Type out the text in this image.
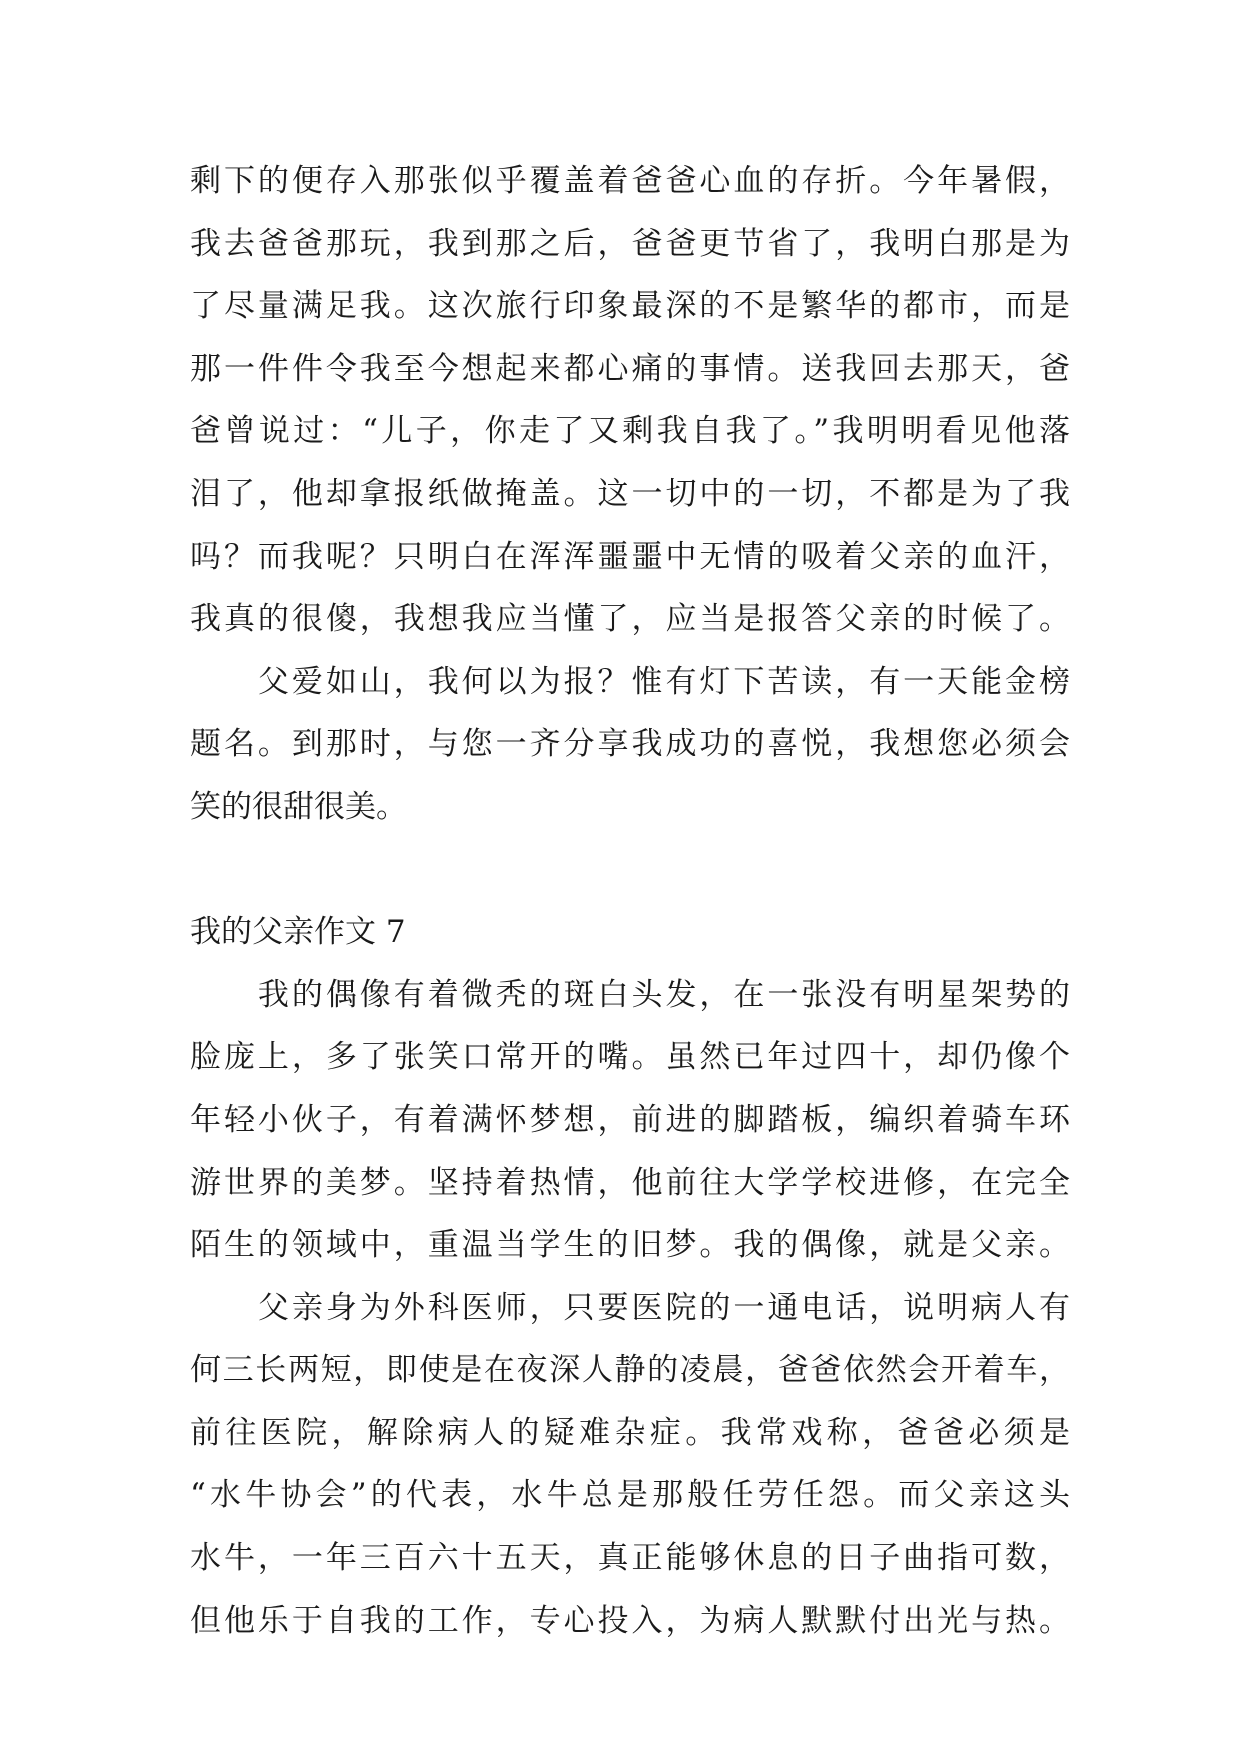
剩下的便存入那张似乎覆盖着爸爸心血的存折。今年暑假，
我去爸爸那玩，我到那之后，爸爸更节省了，我明白那是为
了尽量满足我。这次旅行印象最深的不是繁华的都市，而是
那一件件令我至今想起来都心痛的事情。送我回去那天，爸
爸曾说过：“儿子，你走了又剩我自我了。”我明明看见他落
泪了，他却拿报纸做掩盖。这一切中的一切，不都是为了我
吗？而我呢？只明白在浑浑噩噩中无情的吸着父亲的血汗，
我真的很傻，我想我应当懂了，应当是报答父亲的时候了。
　　父爱如山，我何以为报？惟有灯下苦读，有一天能金榜
题名。到那时，与您一齐分享我成功的喜悦，我想您必须会
笑的很甜很美。
我的父亲作文 7
　　我的偶像有着微秃的斑白头发，在一张没有明星架势的
脸庞上，多了张笑口常开的嘴。虽然已年过四十，却仍像个
年轻小伙子，有着满怀梦想，前进的脚踏板，编织着骑车环
游世界的美梦。坚持着热情，他前往大学学校进修，在完全
陌生的领域中，重温当学生的旧梦。我的偶像，就是父亲。
　　父亲身为外科医师，只要医院的一通电话，说明病人有
何三长两短，即使是在夜深人静的凌晨，爸爸依然会开着车，
前往医院，解除病人的疑难杂症。我常戏称，爸爸必须是
“水牛协会”的代表，水牛总是那般任劳任怨。而父亲这头
水牛，一年三百六十五天，真正能够休息的日子曲指可数，
但他乐于自我的工作，专心投入，为病人默默付出光与热。
